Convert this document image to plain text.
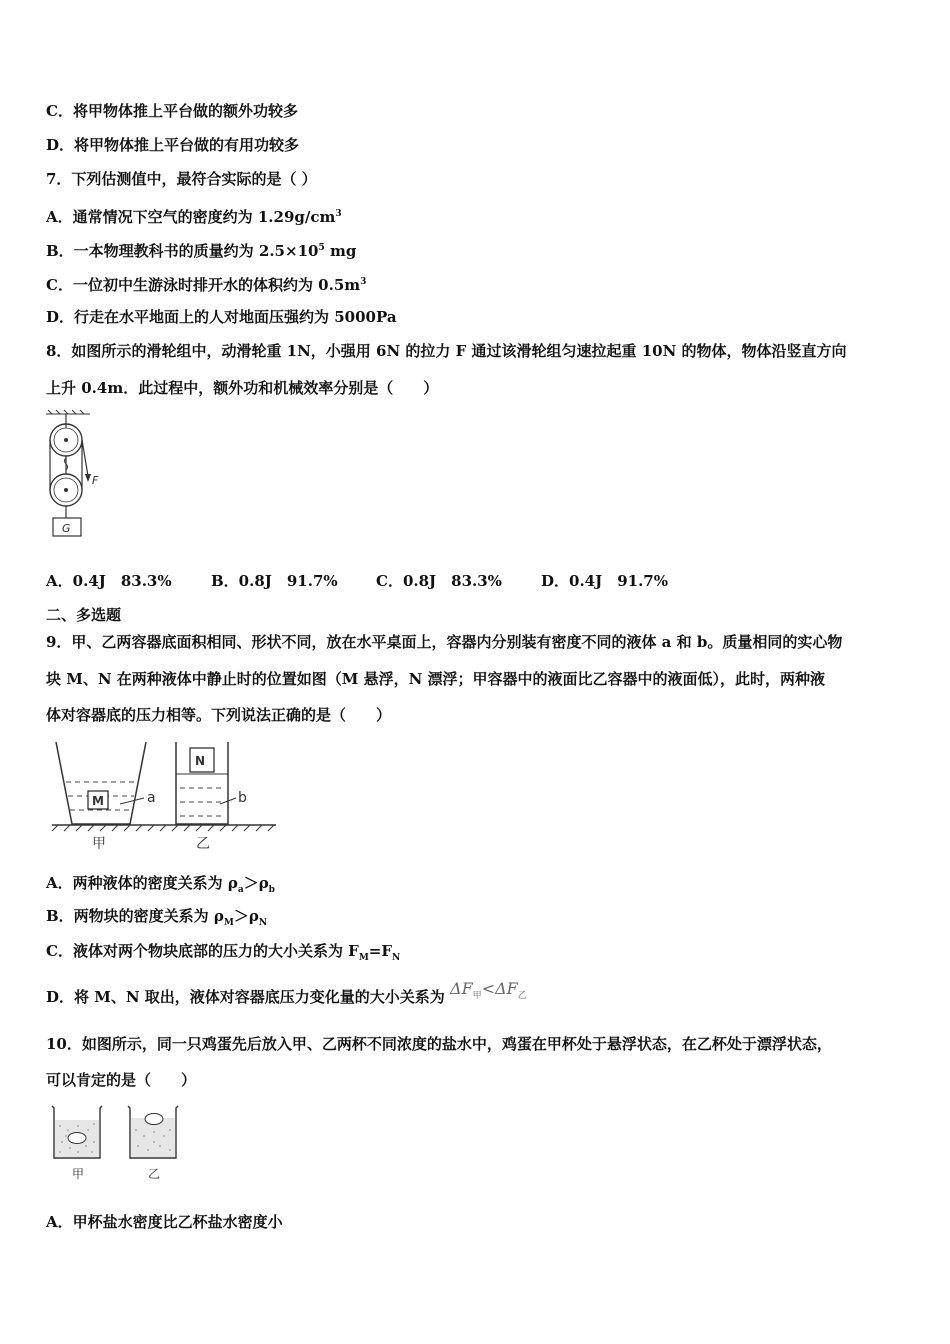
C．将甲物体推上平台做的额外功较多
D．将甲物体推上平台做的有用功较多
7．下列估测值中，最符合实际的是（ ）
A．通常情况下空气的密度约为 $1.29g/cm^3$
B．一本物理教科书的质量约为 $2.5\times 10^5$ mg
C．一位初中生游泳时排开水的体积约为 $0.5m^3$
D．行走在水平地面上的人对地面压强约为 5000Pa
8．如图所示的滑轮组中，动滑轮重 1N，小强用 6N 的拉力 F 通过该滑轮组匀速拉起重 10N 的物体，物体沿竖直方向
上升 0.4m．此过程中，额外功和机械效率分别是（　　）
F
G
A．0.4J　83.3%	B．0.8J　91.7%	C．0.8J　83.3%	D．0.4J　91.7%
二、多选题
9．甲、乙两容器底面积相同、形状不同，放在水平桌面上，容器内分别装有密度不同的液体 a 和 b。质量相同的实心物
块 M、N 在两种液体中静止时的位置如图（M 悬浮，N 漂浮；甲容器中的液面比乙容器中的液面低），此时，两种液
体对容器底的压力相等。下列说法正确的是（　　）
M	a
N
b
甲	乙
A．两种液体的密度关系为 $\rho_a>\rho_b$
B．两物块的密度关系为 $\rho_M>\rho_N$
C．液体对两个物块底部的压力的大小关系为 $F_M=F_N$
D．将 M、N 取出，液体对容器底压力变化量的大小关系为 $\Delta F_甲<\Delta F_乙$
10．如图所示，同一只鸡蛋先后放入甲、乙两杯不同浓度的盐水中，鸡蛋在甲杯处于悬浮状态，在乙杯处于漂浮状态，
可以肯定的是（　　）
甲	乙
A．甲杯盐水密度比乙杯盐水密度小
